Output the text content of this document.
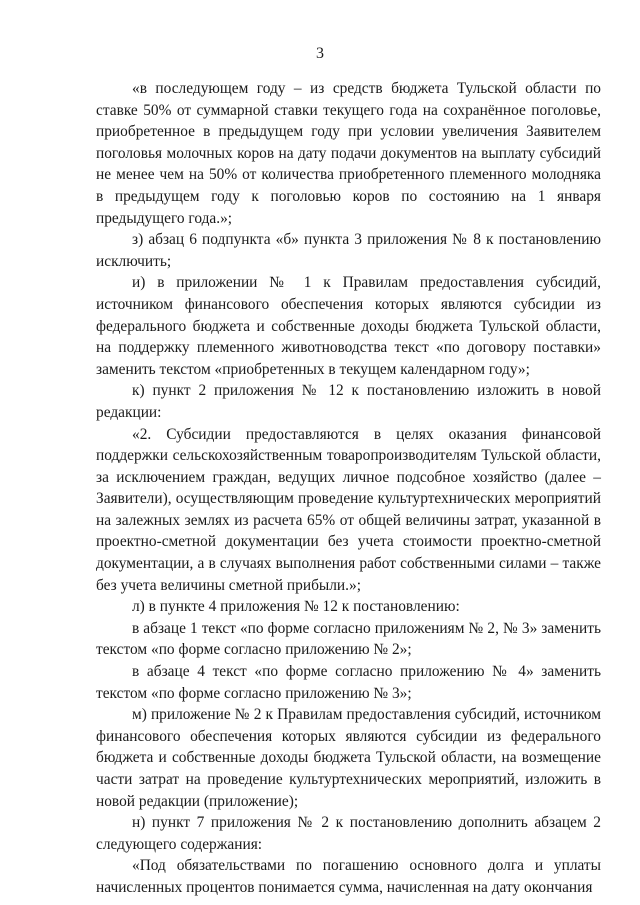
3

«в последующем году – из средств бюджета Тульской области по ставке 50% от суммарной ставки текущего года на сохранённое поголовье, приобретенное в предыдущем году при условии увеличения Заявителем поголовья молочных коров на дату подачи документов на выплату субсидий не менее чем на 50% от количества приобретенного племенного молодняка в предыдущем году к поголовью коров по состоянию на 1 января предыдущего года.»;

з) абзац 6 подпункта «б» пункта 3 приложения № 8 к постановлению исключить;

и) в приложении № 1 к Правилам предоставления субсидий, источником финансового обеспечения которых являются субсидии из федерального бюджета и собственные доходы бюджета Тульской области, на поддержку племенного животноводства текст «по договору поставки» заменить текстом «приобретенных в текущем календарном году»;

к) пункт 2 приложения № 12 к постановлению изложить в новой редакции:

«2. Субсидии предоставляются в целях оказания финансовой поддержки сельскохозяйственным товаропроизводителям Тульской области, за исключением граждан, ведущих личное подсобное хозяйство (далее – Заявители), осуществляющим проведение культуртехнических мероприятий на залежных землях из расчета 65% от общей величины затрат, указанной в проектно-сметной документации без учета стоимости проектно-сметной документации, а в случаях выполнения работ собственными силами – также без учета величины сметной прибыли.»;

л) в пункте 4 приложения № 12 к постановлению:

в абзаце 1 текст «по форме согласно приложениям № 2, № 3» заменить текстом «по форме согласно приложению № 2»;

в абзаце 4 текст «по форме согласно приложению № 4» заменить текстом «по форме согласно приложению № 3»;

м) приложение № 2 к Правилам предоставления субсидий, источником финансового обеспечения которых являются субсидии из федерального бюджета и собственные доходы бюджета Тульской области, на возмещение части затрат на проведение культуртехнических мероприятий, изложить в новой редакции (приложение);

н) пункт 7 приложения № 2 к постановлению дополнить абзацем 2 следующего содержания:

«Под обязательствами по погашению основного долга и уплаты начисленных процентов понимается сумма, начисленная на дату окончания
